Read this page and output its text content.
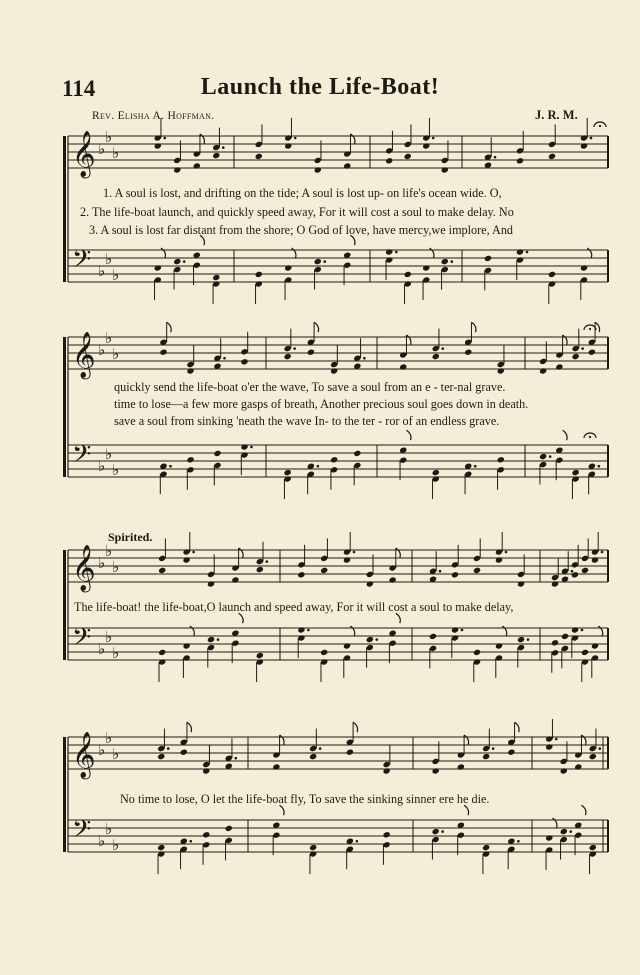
114	Launch the Life-Boat!
Rev. Elisha A. Hoffman.	J. R. M.
𝄞 ♭
♭
♭
𝄢 ♭
♭
♭
𝄞 ♭
♭
♭
𝄢 ♭
♭
♭
𝄞 ♭
♭
♭
𝄢 ♭
♭
♭
𝄞 ♭
♭
♭
𝄢 ♭
♭
♭
1. A soul is lost, and drifting on the tide; A soul is lost up- on life's ocean wide. O,
2. The life-boat launch, and quickly speed away, For it will cost a soul to make delay. No
3. A soul is lost far distant from the shore; O God of love, have mercy,we implore, And
quickly send the life-boat o'er the wave, To save a soul from an e - ter-nal grave.
time to lose—a few more gasps of breath, Another precious soul goes down in death.
save a soul from sinking 'neath the wave In- to the ter - ror of an endless grave.
Spirited.
The life-boat! the life-boat,O launch and speed away, For it will cost a soul to make delay,
No time to lose, O let the life-boat fly, To save the sinking sinner ere he die.
